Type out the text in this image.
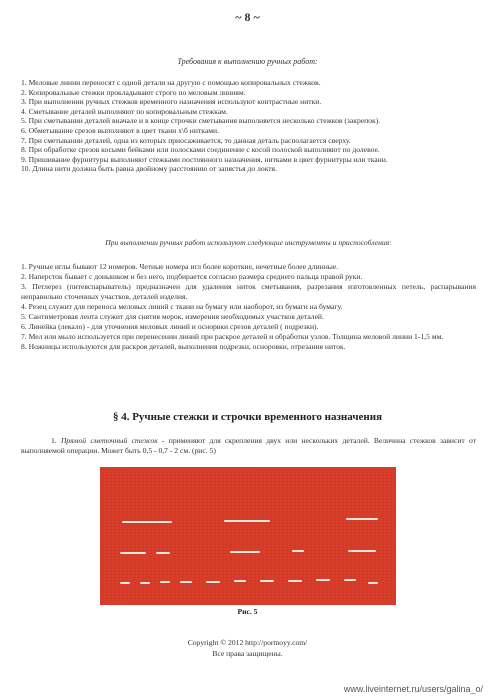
~ 8 ~
Требования к выполнению ручных работ:

1. Меловые линии переносят с одной детали на другую с помощью копировальных стежков.

2. Копировальные стежки прокладывают строго по меловым линиям.

3. При выполнении ручных стежков временного назначения используют контрастные нитки.

4. Сметывание деталей выполняют по копировальным стежкам.

5. При сметывании деталей вначале и в конце строчки сметывания выполняется несколько стежков (закрепок).

6. Обметывание срезов выполняют в цвет ткани х\б нитками.

7. При сметывании деталей, одна из которых приосаживается, то данная деталь располагается сверху.

8. При обработке срезов косыми бейками или полосками соединение с косой полоской выполняют по долевое.

9. Пришивание фурнитуры выполняют стежками постоянного назначения, нитками в цвет фурнитуры или ткани.

10. Длина нити должна быть равна двойному расстоянию от запястья до локтя.

При выполнении ручных работ используют следующие инструменты и приспособления:

1. Ручные иглы бывают 12 номеров. Четные номера игл более короткие, нечетные более длинные.

2. Наперсток бывает с донышком и без него, подбирается согласно размера среднего пальца правой руки.

3. Петлерез (питевспарыватель) предназначен для удаления ниток сметывания, разрезания изготовленных петель, распарывания неправильно сточенных участков, деталей изделия.

4. Резец служит для переноса меловых линий с ткани на бумагу или наоборот, из бумаги на бумагу.

5. Сантиметровая лента служит для снятия мерок, измерения необходимых участков деталей.

6. Линейка (лекало) - для уточнения меловых линий и оснорвки срезов деталей ( подрезки).

7. Мел или мыло используется при перенесении линий при раскрое деталей и обработки узлов. Толщина меловой линии 1-1,5 мм.

8. Ножницы используются для раскроя деталей, выполнения подрезки, осноровки, отрезания ниток.

§ 4. Ручные стежки и строчки временного назначения
1. Прямой сметочный стежок - применяют для скрепления двух или нескольких деталей. Величина стежков зависит от выполняемой операции. Может быть 0,5 - 0,7 - 2 см. (рис. 5)
Рис. 5

Copyright © 2012 http://portnoyy.com/

Все права защищены.

www.liveinternet.ru/users/galina_o/
